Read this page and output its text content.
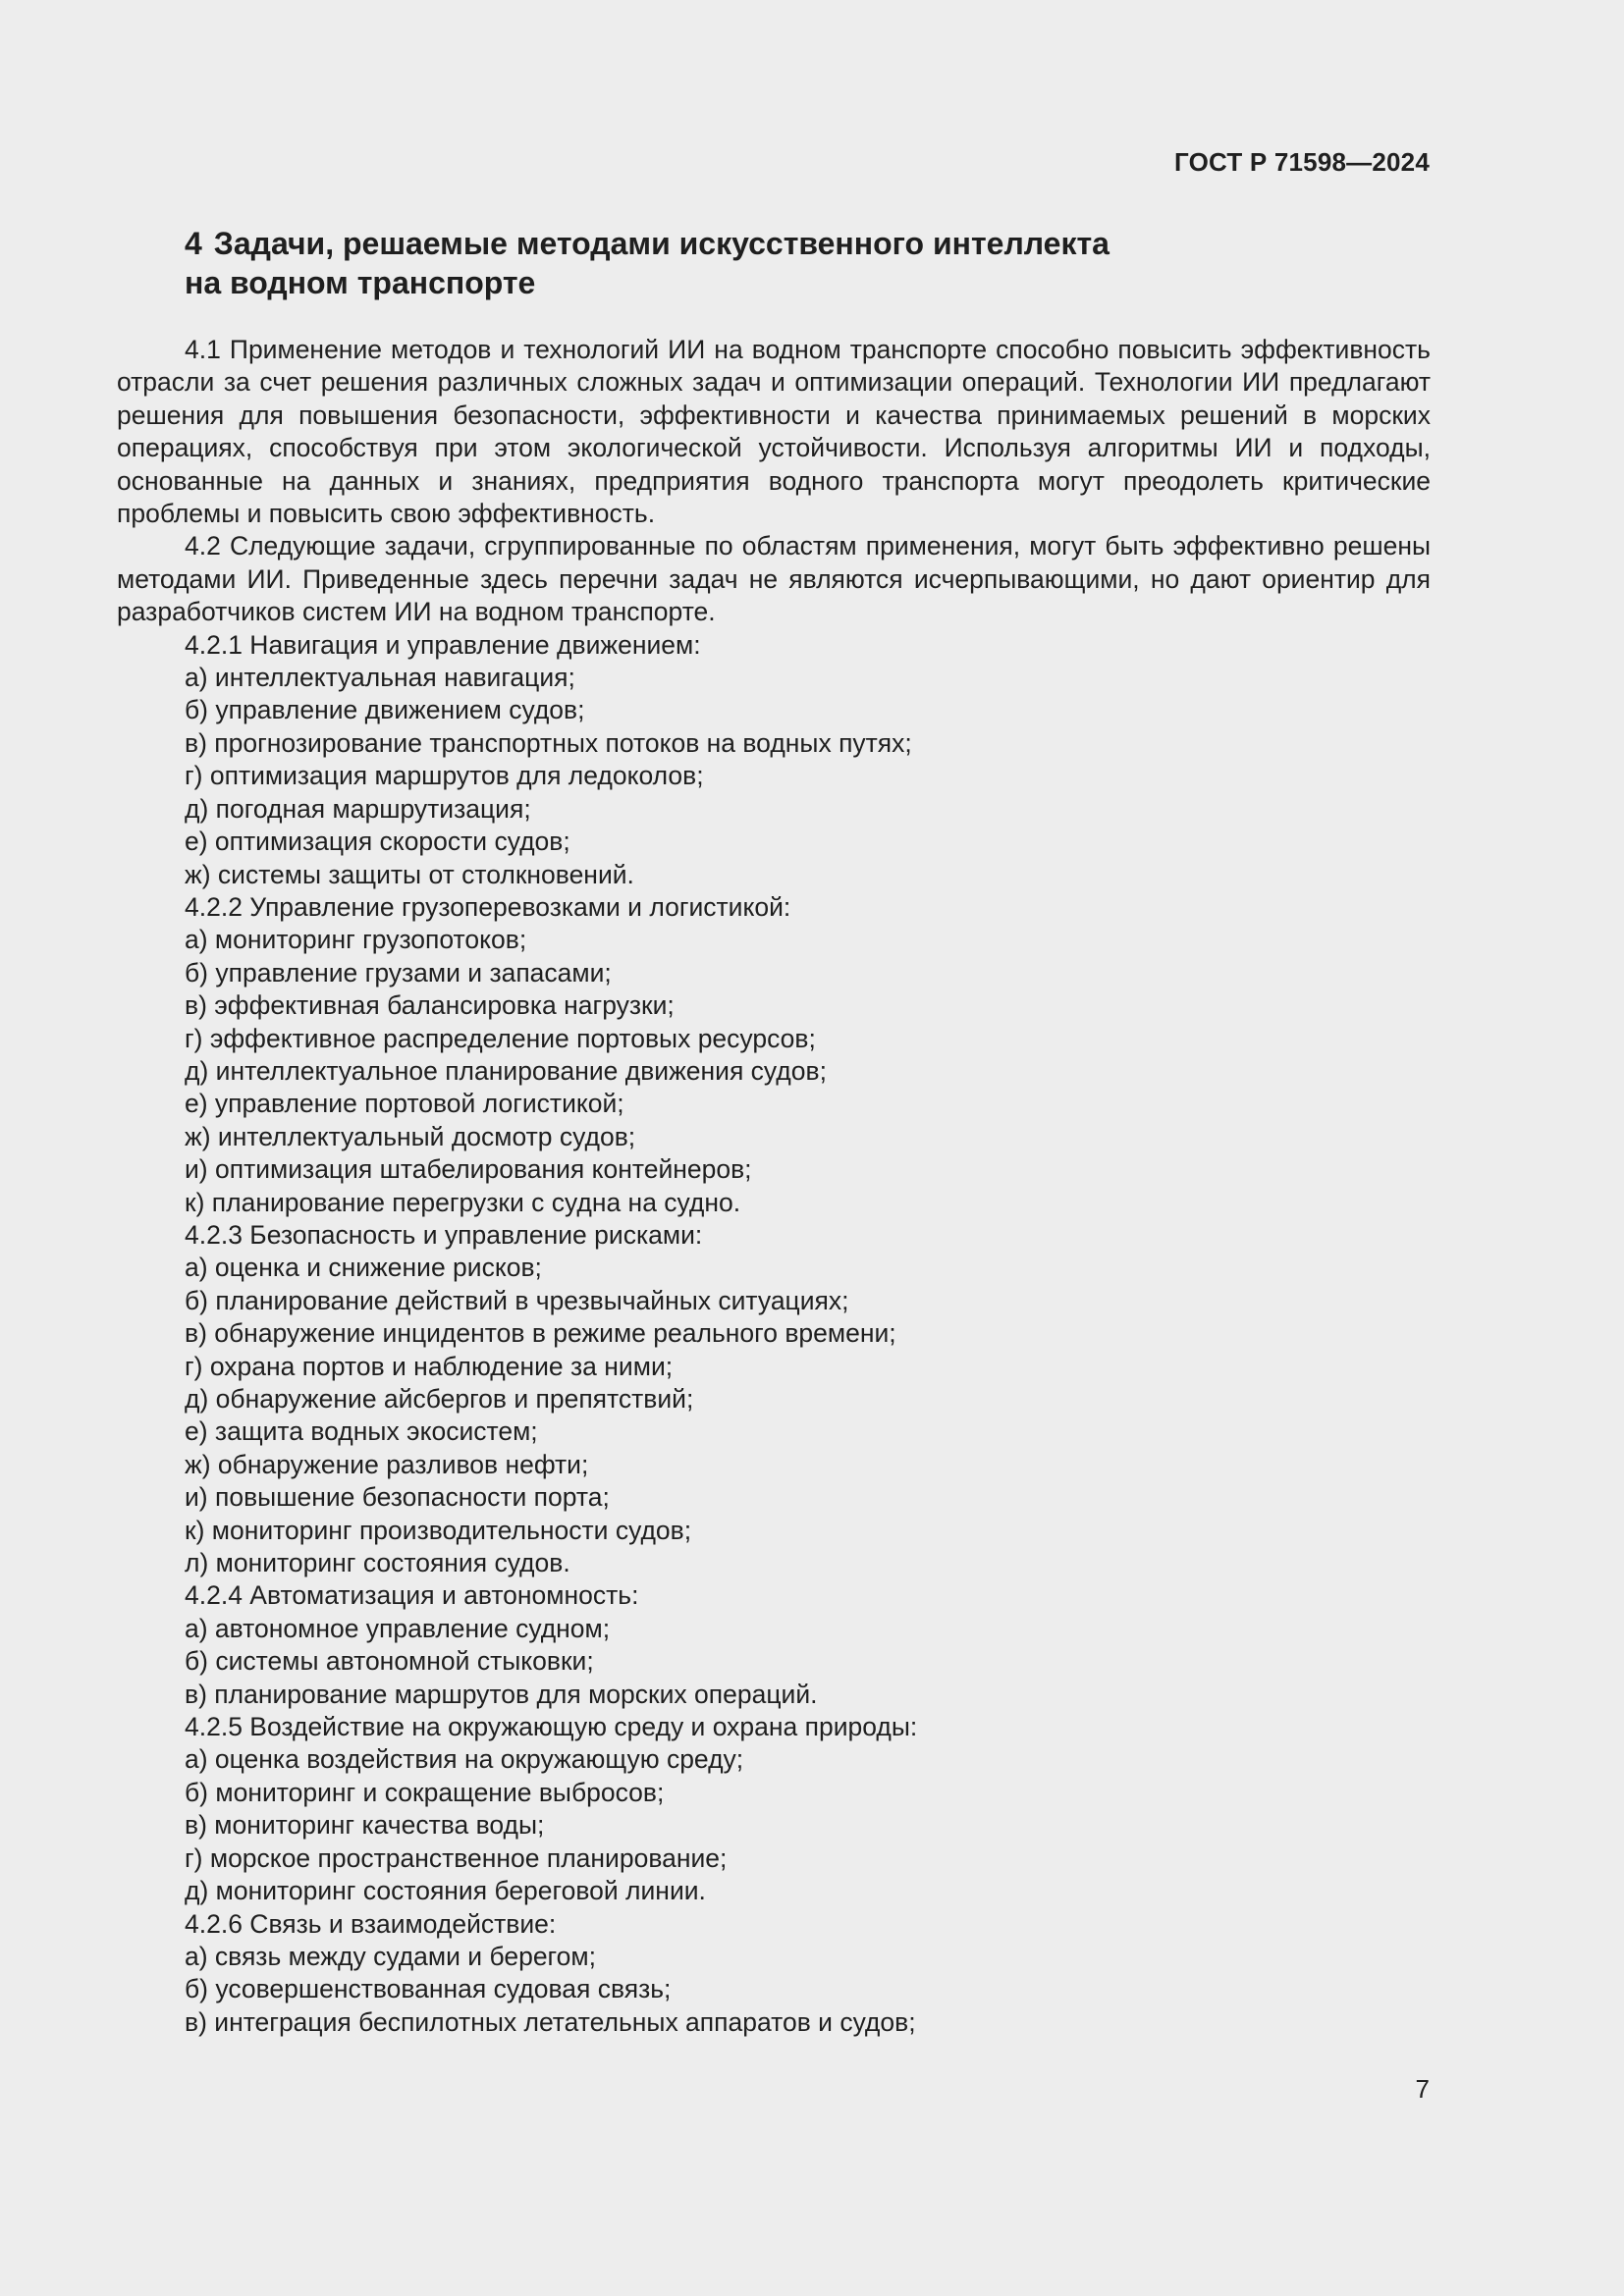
ГОСТ Р 71598—2024
4 Задачи, решаемые методами искусственного интеллекта
на водном транспорте

4.1 Применение методов и технологий ИИ на водном транспорте способно повысить эффективность отрасли за счет решения различных сложных задач и оптимизации операций. Технологии ИИ предлагают решения для повышения безопасности, эффективности и качества принимаемых решений в морских операциях, способствуя при этом экологической устойчивости. Используя алгоритмы ИИ и подходы, основанные на данных и знаниях, предприятия водного транспорта могут преодолеть критические проблемы и повысить свою эффективность.

4.2 Следующие задачи, сгруппированные по областям применения, могут быть эффективно решены методами ИИ. Приведенные здесь перечни задач не являются исчерпывающими, но дают ориентир для разработчиков систем ИИ на водном транспорте.

4.2.1 Навигация и управление движением:
а) интеллектуальная навигация;
б) управление движением судов;
в) прогнозирование транспортных потоков на водных путях;
г) оптимизация маршрутов для ледоколов;
д) погодная маршрутизация;
е) оптимизация скорости судов;
ж) системы защиты от столкновений.
4.2.2 Управление грузоперевозками и логистикой:
а) мониторинг грузопотоков;
б) управление грузами и запасами;
в) эффективная балансировка нагрузки;
г) эффективное распределение портовых ресурсов;
д) интеллектуальное планирование движения судов;
е) управление портовой логистикой;
ж) интеллектуальный досмотр судов;
и) оптимизация штабелирования контейнеров;
к) планирование перегрузки с судна на судно.
4.2.3 Безопасность и управление рисками:
а) оценка и снижение рисков;
б) планирование действий в чрезвычайных ситуациях;
в) обнаружение инцидентов в режиме реального времени;
г) охрана портов и наблюдение за ними;
д) обнаружение айсбергов и препятствий;
е) защита водных экосистем;
ж) обнаружение разливов нефти;
и) повышение безопасности порта;
к) мониторинг производительности судов;
л) мониторинг состояния судов.
4.2.4 Автоматизация и автономность:
а) автономное управление судном;
б) системы автономной стыковки;
в) планирование маршрутов для морских операций.
4.2.5 Воздействие на окружающую среду и охрана природы:
а) оценка воздействия на окружающую среду;
б) мониторинг и сокращение выбросов;
в) мониторинг качества воды;
г) морское пространственное планирование;
д) мониторинг состояния береговой линии.
4.2.6 Связь и взаимодействие:
а) связь между судами и берегом;
б) усовершенствованная судовая связь;
в) интеграция беспилотных летательных аппаратов и судов;
7
